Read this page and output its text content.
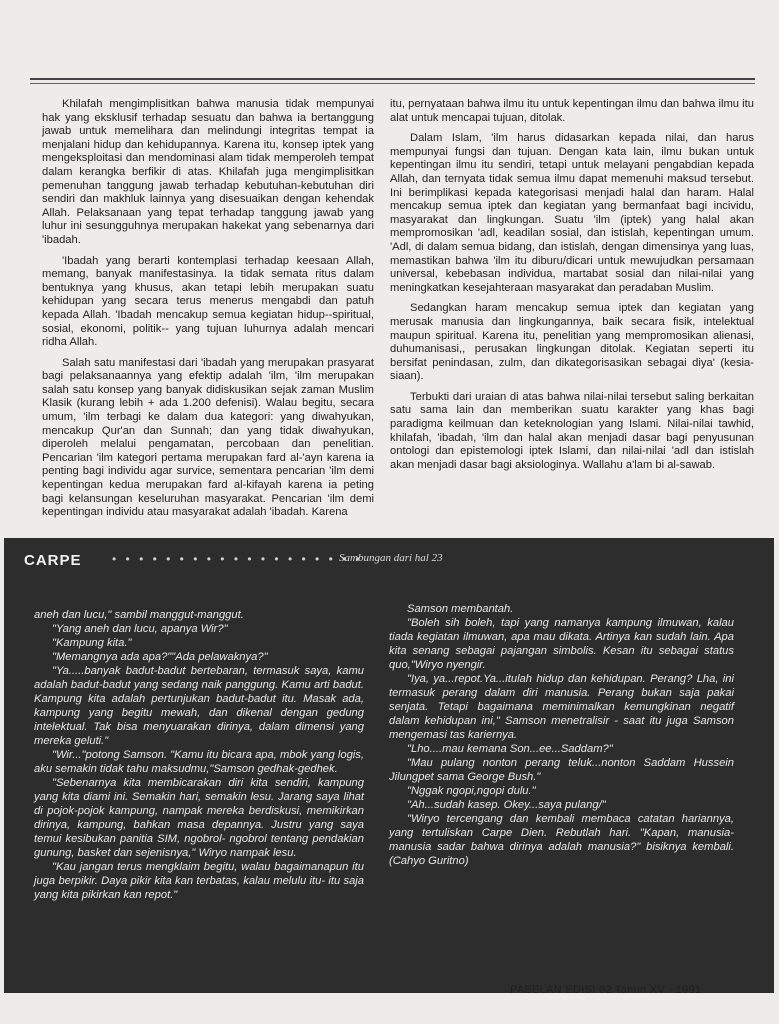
Khilafah mengimplisitkan bahwa manusia tidak mempunyai hak yang eksklusif terhadap sesuatu dan bahwa ia bertanggung jawab untuk memelihara dan melindungi integritas tempat ia menjalani hidup dan kehidupannya. Karena itu, konsep iptek yang mengeksploitasi dan mendominasi alam tidak memperoleh tempat dalam kerangka berfikir di atas. Khilafah juga mengimplisitkan pemenuhan tanggung jawab terhadap kebutuhan-kebutuhan diri sendiri dan makhluk lainnya yang disesuaikan dengan kehendak Allah. Pelaksanaan yang tepat terhadap tanggung jawab yang luhur ini sesungguhnya merupakan hakekat yang sebenarnya dari 'ibadah.

'Ibadah yang berarti kontemplasi terhadap keesaan Allah, memang, banyak manifestasinya. Ia tidak semata ritus dalam bentuknya yang khusus, akan tetapi lebih merupakan suatu kehidupan yang secara terus menerus mengabdi dan patuh kepada Allah. 'Ibadah mencakup semua kegiatan hidup--spiritual, sosial, ekonomi, politik-- yang tujuan luhurnya adalah mencari ridha Allah.

Salah satu manifestasi dari 'ibadah yang merupakan prasyarat bagi pelaksanaannya yang efektip adalah 'ilm, 'ilm merupakan salah satu konsep yang banyak didiskusikan sejak zaman Muslim Klasik (kurang lebih + ada 1.200 defenisi). Walau begitu, secara umum, 'ilm terbagi ke dalam dua kategori: yang diwahyukan, mencakup Qur'an dan Sunnah; dan yang tidak diwahyukan, diperoleh melalui pengamatan, percobaan dan penelitian. Pencarian 'ilm kategori pertama merupakan fard al-'ayn karena ia penting bagi individu agar survice, sementara pencarian 'ilm demi kepentingan kedua merupakan fard al-kifayah karena ia peting bagi kelansungan keseluruhan masyarakat. Pencarian 'ilm demi kepentingan individu atau masyarakat adalah 'ibadah. Karena

itu, pernyataan bahwa ilmu itu untuk kepentingan ilmu dan bahwa ilmu itu alat untuk mencapai tujuan, ditolak.

Dalam Islam, 'ilm harus didasarkan kepada nilai, dan harus mempunyai fungsi dan tujuan. Dengan kata lain, ilmu bukan untuk kepentingan ilmu itu sendiri, tetapi untuk melayani pengabdian kepada Allah, dan ternyata tidak semua ilmu dapat memenuhi maksud tersebut. Ini berimplikasi kepada kategorisasi menjadi halal dan haram. Halal mencakup semua iptek dan kegiatan yang bermanfaat bagi incividu, masyarakat dan lingkungan. Suatu 'ilm (iptek) yang halal akan mempromosikan 'adl, keadilan sosial, dan istislah, kepentingan umum. 'Adl, di dalam semua bidang, dan istislah, dengan dimensinya yang luas, memastikan bahwa 'ilm itu diburu/dicari untuk mewujudkan persamaan universal, kebebasan individua, martabat sosial dan nilai-nilai yang meningkatkan kesejahteraan masyarakat dan peradaban Muslim.

Sedangkan haram mencakup semua iptek dan kegiatan yang merusak manusia dan lingkungannya, baik secara fisik, intelektual maupun spiritual. Karena itu, penelitian yang mempromosikan alienasi, duhumanisasi,, perusakan lingkungan ditolak. Kegiatan seperti itu bersifat penindasan, zulm, dan dikategorisasikan sebagai diya' (kesia-siaan).

Terbukti dari uraian di atas bahwa nilai-nilai tersebut saling berkaitan satu sama lain dan memberikan suatu karakter yang khas bagi paradigma keilmuan dan keteknologian yang Islami. Nilai-nilai tawhid, khilafah, 'ibadah, 'ilm dan halal akan menjadi dasar bagi penyusunan ontologi dan epistemologi iptek Islami, dan nilai-nilai 'adl dan istislah akan menjadi dasar bagi aksiologinya. Wallahu a'lam bi al-sawab.

CARPE	• • • • • • • • • • • • • • • • • • •
Sambungan dari hal 23

aneh dan lucu," sambil manggut-manggut.

"Yang aneh dan lucu, apanya Wir?"

"Kampung kita."

"Memangnya ada apa?""Ada pelawaknya?"

"Ya.....banyak badut-badut bertebaran, termasuk saya, kamu adalah badut-badut yang sedang naik panggung. Kamu arti badut. Kampung kita adalah pertunjukan badut-badut itu. Masak ada, kampung yang begitu mewah, dan dikenal dengan gedung intelektual. Tak bisa menyuarakan dirinya, dalam dimensi yang mereka geluti."

"Wir..."potong Samson. "Kamu itu bicara apa, mbok yang logis, aku semakin tidak tahu maksudmu,"Samson gedhak-gedhek.

"Sebenarnya kita membicarakan diri kita sendiri, kampung yang kita diami ini. Semakin hari, semakin lesu. Jarang saya lihat di pojok-pojok kampung, nampak mereka berdiskusi, memikirkan dirinya, kampung, bahkan masa depannya. Justru yang saya temui kesibukan panitia SIM, ngobrol- ngobrol tentang pendakian gunung, basket dan sejenisnya," Wiryo nampak lesu.

"Kau jangan terus mengklaim begitu, walau bagaimanapun itu juga berpikir. Daya pikir kita kan terbatas, kalau melulu itu- itu saja yang kita pikirkan kan repot."

Samson membantah.

"Boleh sih boleh, tapi yang namanya kampung ilmuwan, kalau tiada kegiatan ilmuwan, apa mau dikata. Artinya kan sudah lain. Apa kita senang sebagai pajangan simbolis. Kesan itu sebagai status quo,"Wiryo nyengir.

"Iya, ya...repot.Ya...itulah hidup dan kehidupan. Perang? Lha, ini termasuk perang dalam diri manusia. Perang bukan saja pakai senjata. Tetapi bagaimana meminimalkan kemungkinan negatif dalam kehidupan ini," Samson menetralisir - saat itu juga Samson mengemasi tas kariernya.

"Lho....mau kemana Son...ee...Saddam?"

"Mau pulang nonton perang teluk...nonton Saddam Hussein Jilungpet sama George Bush."

"Nggak ngopi,ngopi dulu."

"Ah...sudah kasep. Okey...saya pulang/"

"Wiryo tercengang dan kembali membaca catatan hariannya, yang tertuliskan Carpe Dien. Rebutlah hari. "Kapan, manusia- manusia sadar bahwa dirinya adalah manusia?" bisiknya kembali. (Cahyo Guritno)

PABELAN EDISI 02 Tahun XV - 1991
